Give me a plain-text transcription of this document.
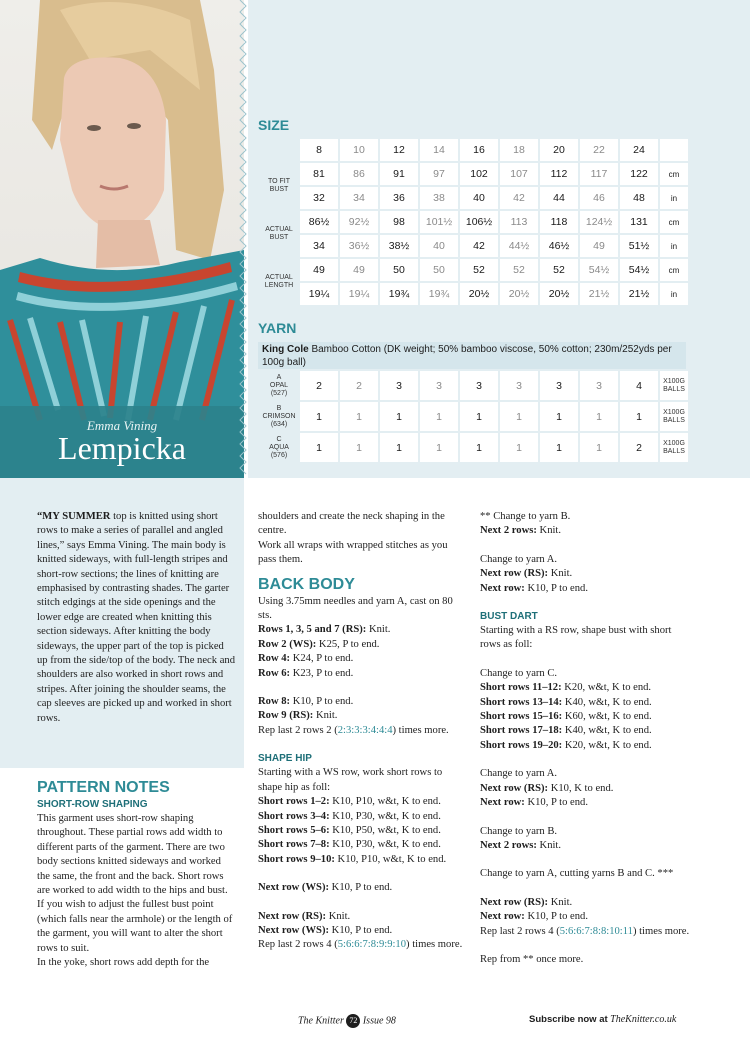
Emma Vining
Lempicka
SIZE
	8	10	12	14	16	18	20	22	24	
TO FIT
BUST	81	86	91	97	102	107	112	117	122	cm
	32	34	36	38	40	42	44	46	48	in
ACTUAL
BUST	86½	92½	98	101½	106½	113	118	124½	131	cm
	34	36½	38½	40	42	44½	46½	49	51½	in
ACTUAL
LENGTH	49	49	50	50	52	52	52	54½	54½	cm
	19¼	19¼	19¾	19¾	20½	20½	20½	21½	21½	in
YARN
King Cole Bamboo Cotton (DK weight; 50% bamboo viscose, 50% cotton; 230m/252yds per 100g ball)
A
OPAL
(527)	2	2	3	3	3	3	3	3	4	X100G
BALLS
B
CRIMSON
(634)	1	1	1	1	1	1	1	1	1	X100G
BALLS
C
AQUA
(576)	1	1	1	1	1	1	1	1	2	X100G
BALLS

“MY SUMMER top is knitted using short rows to make a series of parallel and angled lines,” says Emma Vining. The main body is knitted sideways, with full-length stripes and short-row sections; the lines of knitting are emphasised by contrasting shades. The garter stitch edgings at the side openings and the lower edge are created when knitting this section sideways. After knitting the body sideways, the upper part of the top is picked up from the side/top of the body. The neck and shoulders are also worked in short rows and stripes. After joining the shoulder seams, the cap sleeves are picked up and worked in short rows.

PATTERN NOTES

SHORT-ROW SHAPING

This garment uses short-row shaping throughout. These partial rows add width to different parts of the garment. There are two body sections knitted sideways and worked the same, the front and the back. Short rows are worked to add width to the hips and bust. If you wish to adjust the fullest bust point (which falls near the armhole) or the length of the garment, you will want to alter the short rows to suit.

In the yoke, short rows add depth for the

shoulders and create the neck shaping in the centre.

Work all wraps with wrapped stitches as you pass them.

BACK BODY

Using 3.75mm needles and yarn A, cast on 80 sts.

Rows 1, 3, 5 and 7 (RS): Knit.

Row 2 (WS): K25, P to end.

Row 4: K24, P to end.

Row 6: K23, P to end.

Row 8: K10, P to end.

Row 9 (RS): Knit.

Rep last 2 rows 2 (2:3:3:3:4:4:4) times more.

SHAPE HIP

Starting with a WS row, work short rows to shape hip as foll:

Short rows 1–2: K10, P10, w&t, K to end.

Short rows 3–4: K10, P30, w&t, K to end.

Short rows 5–6: K10, P50, w&t, K to end.

Short rows 7–8: K10, P30, w&t, K to end.

Short rows 9–10: K10, P10, w&t, K to end.

Next row (WS): K10, P to end.

Next row (RS): Knit.

Next row (WS): K10, P to end.

Rep last 2 rows 4 (5:6:6:7:8:9:9:10) times more.

** Change to yarn B.

Next 2 rows: Knit.

Change to yarn A.

Next row (RS): Knit.

Next row: K10, P to end.

BUST DART

Starting with a RS row, shape bust with short rows as foll:

Change to yarn C.

Short rows 11–12: K20, w&t, K to end.

Short rows 13–14: K40, w&t, K to end.

Short rows 15–16: K60, w&t, K to end.

Short rows 17–18: K40, w&t, K to end.

Short rows 19–20: K20, w&t, K to end.

Change to yarn A.

Next row (RS): K10, K to end.

Next row: K10, P to end.

Change to yarn B.

Next 2 rows: Knit.

Change to yarn A, cutting yarns B and C. ***

Next row (RS): Knit.

Next row: K10, P to end.

Rep last 2 rows 4 (5:6:6:7:8:8:10:11) times more.

Rep from ** once more.

The Knitter 72 Issue 98	Subscribe now at TheKnitter.co.uk
